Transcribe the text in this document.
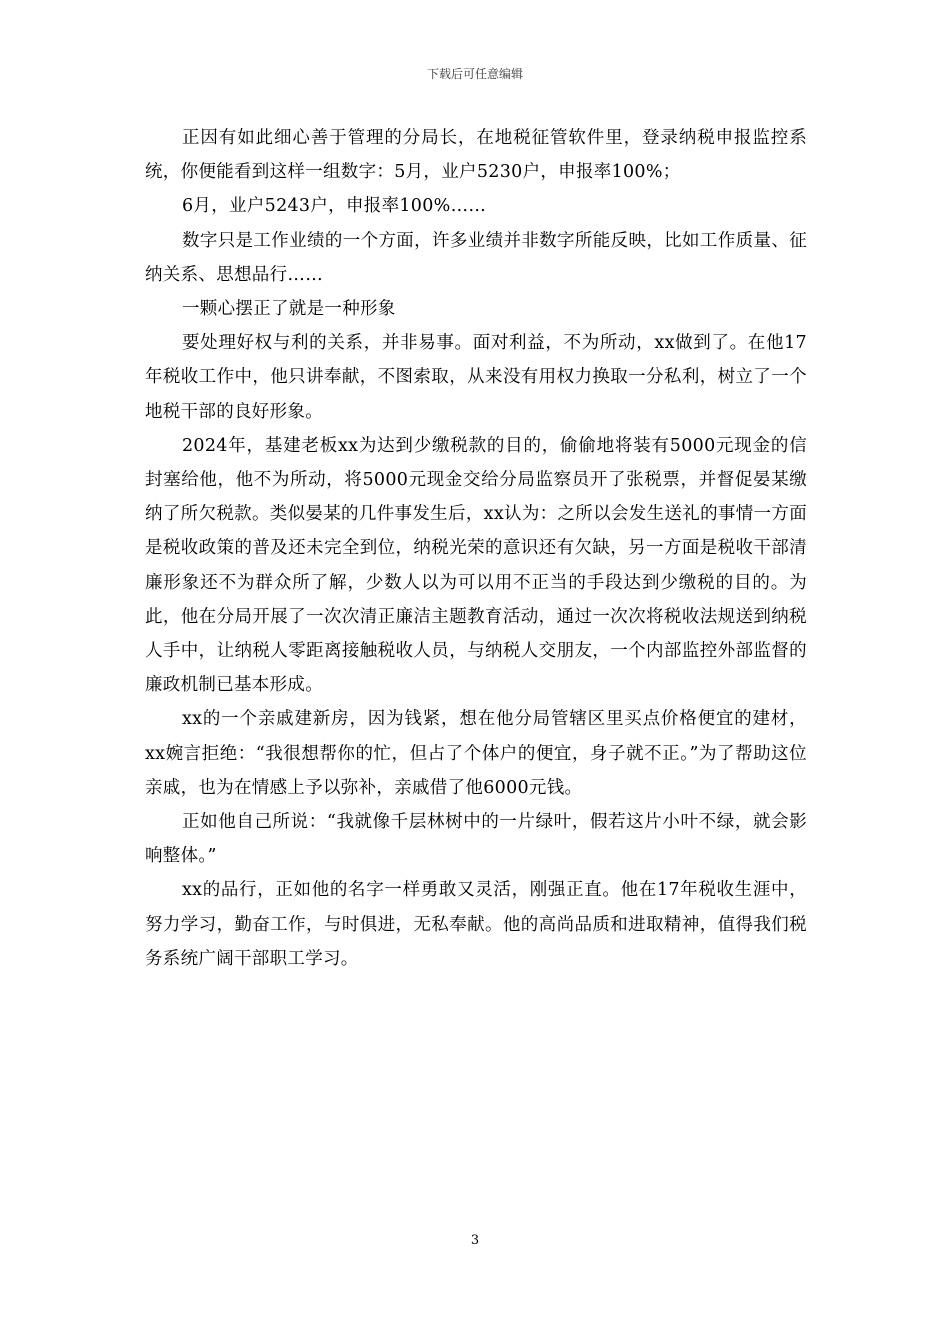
下载后可任意编辑

正因有如此细心善于管理的分局长，在地税征管软件里，登录纳税申报监控系统，你便能看到这样一组数字：5月，业户5230户，申报率100%；

6月，业户5243户，申报率100%……

数字只是工作业绩的一个方面，许多业绩并非数字所能反映，比如工作质量、征纳关系、思想品行……

一颗心摆正了就是一种形象

要处理好权与利的关系，并非易事。面对利益，不为所动，xx做到了。在他17年税收工作中，他只讲奉献，不图索取，从来没有用权力换取一分私利，树立了一个地税干部的良好形象。

2024年，基建老板xx为达到少缴税款的目的，偷偷地将装有5000元现金的信封塞给他，他不为所动，将5000元现金交给分局监察员开了张税票，并督促晏某缴纳了所欠税款。类似晏某的几件事发生后，xx认为：之所以会发生送礼的事情一方面是税收政策的普及还未完全到位，纳税光荣的意识还有欠缺，另一方面是税收干部清廉形象还不为群众所了解，少数人以为可以用不正当的手段达到少缴税的目的。为此，他在分局开展了一次次清正廉洁主题教育活动，通过一次次将税收法规送到纳税人手中，让纳税人零距离接触税收人员，与纳税人交朋友，一个内部监控外部监督的廉政机制已基本形成。

xx的一个亲戚建新房，因为钱紧，想在他分局管辖区里买点价格便宜的建材，xx婉言拒绝：“我很想帮你的忙，但占了个体户的便宜，身子就不正。”为了帮助这位亲戚，也为在情感上予以弥补，亲戚借了他6000元钱。

正如他自己所说：“我就像千层林树中的一片绿叶，假若这片小叶不绿，就会影响整体。”

xx的品行，正如他的名字一样勇敢又灵活，刚强正直。他在17年税收生涯中，努力学习，勤奋工作，与时俱进，无私奉献。他的高尚品质和进取精神，值得我们税务系统广阔干部职工学习。

3
